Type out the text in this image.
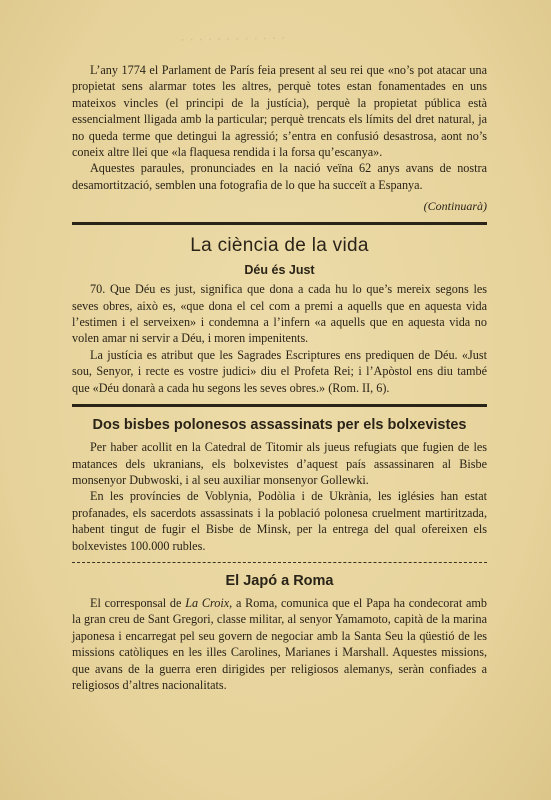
· · · · · · · · · · · ·

L’any 1774 el Parlament de París feia present al seu rei que «no’s pot atacar una propietat sens alarmar totes les altres, perquè totes estan fonamentades en uns mateixos vincles (el principi de la justícia), perquè la propietat pública està essencialment lligada amb la particular; perquè trencats els límits del dret natural, ja no queda terme que detingui la agressió; s’entra en confusió desastrosa, aont no’s coneix altre llei que «la flaquesa rendida i la forsa qu’escanya».

Aquestes paraules, pronunciades en la nació veïna 62 anys avans de nostra desamortització, semblen una fotografia de lo que ha succeït a Espanya.

(Continuarà)
La ciència de la vida
Déu és Just

70. Que Déu es just, significa que dona a cada hu lo que’s mereix segons les seves obres, això es, «que dona el cel com a premi a aquells que en aquesta vida l’estimen i el serveixen» i condemna a l’infern «a aquells que en aquesta vida no volen amar ni servir a Déu, i moren impenitents.

La justícia es atribut que les Sagrades Escriptures ens prediquen de Déu. «Just sou, Senyor, i recte es vostre judici» diu el Profeta Rei; i l’Apòstol ens diu també que «Déu donarà a cada hu segons les seves obres.» (Rom. II, 6).

Dos bisbes polonesos assassinats per els bolxevistes

Per haber acollit en la Catedral de Titomir als jueus refugiats que fugien de les matances dels ukranians, els bolxevistes d’aquest país assassinaren al Bisbe monsenyor Dubwoski, i al seu auxiliar monsenyor Gollewki.

En les províncies de Voblynia, Podòlia i de Ukrània, les iglésies han estat profanades, els sacerdots assassinats i la població polonesa cruelment martiritzada, habent tingut de fugir el Bisbe de Minsk, per la entrega del qual ofereixen els bolxevistes 100.000 rubles.

El Japó a Roma

El corresponsal de La Croix, a Roma, comunica que el Papa ha condecorat amb la gran creu de Sant Gregori, classe militar, al senyor Yamamoto, capità de la marina japonesa i encarregat pel seu govern de negociar amb la Santa Seu la qüestió de les missions catòliques en les illes Carolines, Marianes i Marshall. Aquestes missions, que avans de la guerra eren dirigides per religiosos alemanys, seràn confiades a religiosos d’altres nacionalitats.
